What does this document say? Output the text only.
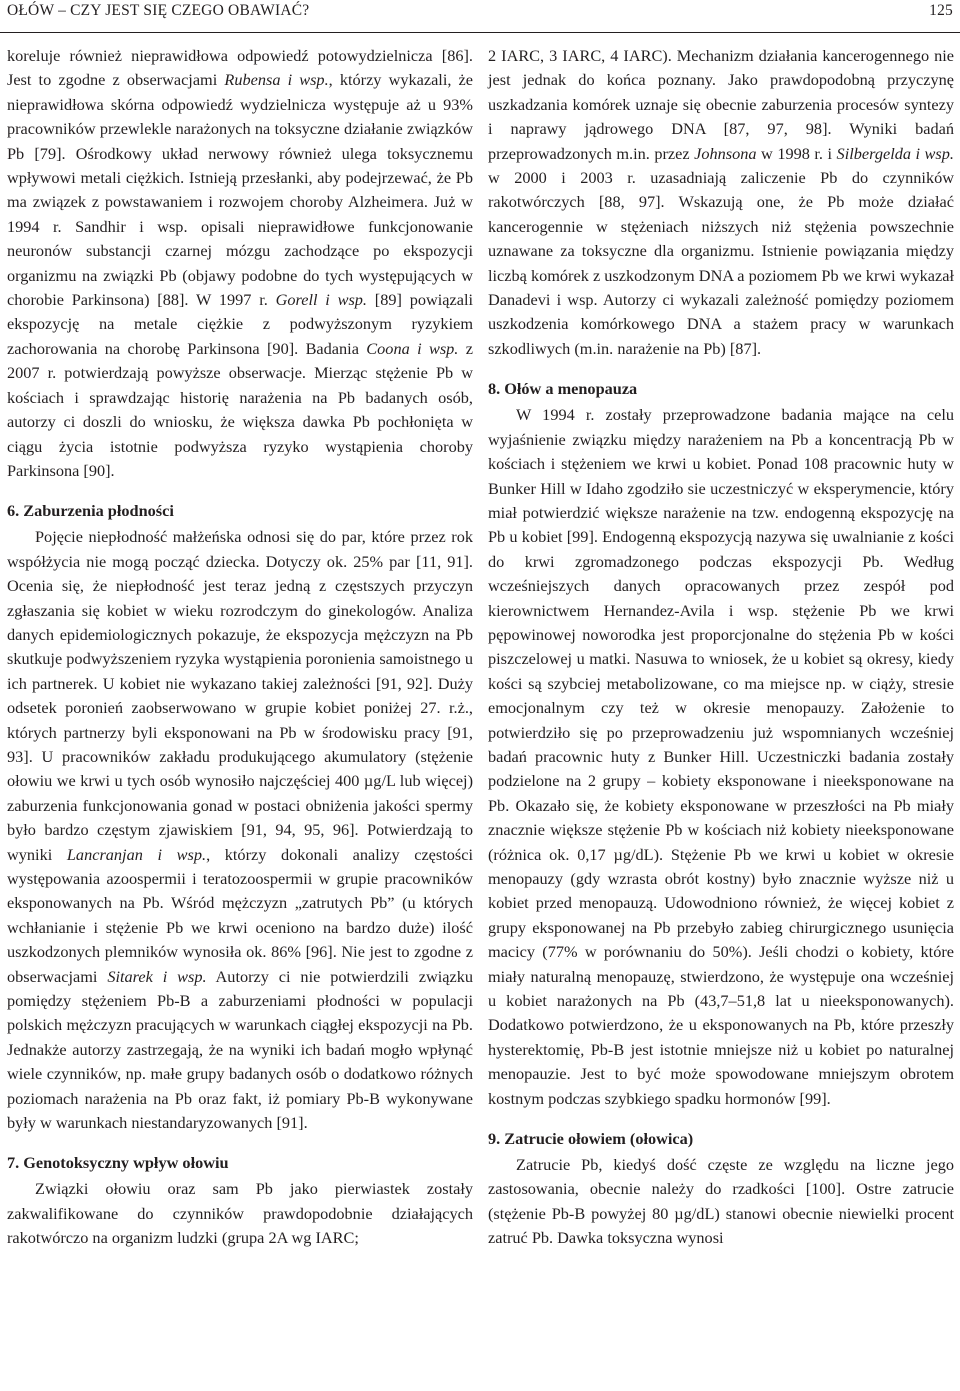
OŁÓW – CZY JEST SIĘ CZEGO OBAWIAĆ?	125

koreluje również nieprawidłowa odpowiedź potowydzielnicza [86]. Jest to zgodne z obserwacjami Rubensa i wsp., którzy wykazali, że nieprawidłowa skórna odpowiedź wydzielnicza występuje aż u 93% pracowników przewlekle narażonych na toksyczne działanie związków Pb [79]. Ośrodkowy układ nerwowy również ulega toksycznemu wpływowi metali ciężkich. Istnieją przesłanki, aby podejrzewać, że Pb ma związek z powstawaniem i rozwojem choroby Alzheimera. Już w 1994 r. Sandhir i wsp. opisali nieprawidłowe funkcjonowanie neuronów substancji czarnej mózgu zachodzące po ekspozycji organizmu na związki Pb (objawy podobne do tych występujących w chorobie Parkinsona) [88]. W 1997 r. Gorell i wsp. [89] powiązali ekspozycję na metale ciężkie z podwyższonym ryzykiem zachorowania na chorobę Parkinsona [90]. Badania Coona i wsp. z 2007 r. potwierdzają powyższe obserwacje. Mierząc stężenie Pb w kościach i sprawdzając historię narażenia na Pb badanych osób, autorzy ci doszli do wniosku, że większa dawka Pb pochłonięta w ciągu życia istotnie podwyższa ryzyko wystąpienia choroby Parkinsona [90].

6. Zaburzenia płodności

Pojęcie niepłodność małżeńska odnosi się do par, które przez rok współżycia nie mogą począć dziecka. Dotyczy ok. 25% par [11, 91]. Ocenia się, że niepłodność jest teraz jedną z częstszych przyczyn zgłaszania się kobiet w wieku rozrodczym do ginekologów. Analiza danych epidemiologicznych pokazuje, że ekspozycja mężczyzn na Pb skutkuje podwyższeniem ryzyka wystąpienia poronienia samoistnego u ich partnerek. U kobiet nie wykazano takiej zależności [91, 92]. Duży odsetek poronień zaobserwowano w grupie kobiet poniżej 27. r.ż., których partnerzy byli eksponowani na Pb w środowisku pracy [91, 93]. U pracowników zakładu produkującego akumulatory (stężenie ołowiu we krwi u tych osób wynosiło najczęściej 400 µg/L lub więcej) zaburzenia funkcjonowania gonad w postaci obniżenia jakości spermy było bardzo częstym zjawiskiem [91, 94, 95, 96]. Potwierdzają to wyniki Lancranjan i wsp., którzy dokonali analizy częstości występowania azoospermii i teratozoospermii w grupie pracowników eksponowanych na Pb. Wśród mężczyzn „zatrutych Pb” (u których wchłanianie i stężenie Pb we krwi oceniono na bardzo duże) ilość uszkodzonych plemników wynosiła ok. 86% [96]. Nie jest to zgodne z obserwacjami Sitarek i wsp. Autorzy ci nie potwierdzili związku pomiędzy stężeniem Pb-B a zaburzeniami płodności w populacji polskich mężczyzn pracujących w warunkach ciągłej ekspozycji na Pb. Jednakże autorzy zastrzegają, że na wyniki ich badań mogło wpłynąć wiele czynników, np. małe grupy badanych osób o dodatkowo różnych poziomach narażenia na Pb oraz fakt, iż pomiary Pb-B wykonywane były w warunkach niestandaryzowanych [91].

7. Genotoksyczny wpływ ołowiu

Związki ołowiu oraz sam Pb jako pierwiastek zostały zakwalifikowane do czynników prawdopodobnie działających rakotwórczo na organizm ludzki (grupa 2A wg IARC;

2 IARC, 3 IARC, 4 IARC). Mechanizm działania kancerogennego nie jest jednak do końca poznany. Jako prawdopodobną przyczynę uszkadzania komórek uznaje się obecnie zaburzenia procesów syntezy i naprawy jądrowego DNA [87, 97, 98]. Wyniki badań przeprowadzonych m.in. przez Johnsona w 1998 r. i Silbergelda i wsp. w 2000 i 2003 r. uzasadniają zaliczenie Pb do czynników rakotwórczych [88, 97]. Wskazują one, że Pb może działać kancerogennie w stężeniach niższych niż stężenia powszechnie uznawane za toksyczne dla organizmu. Istnienie powiązania między liczbą komórek z uszkodzonym DNA a poziomem Pb we krwi wykazał Danadevi i wsp. Autorzy ci wykazali zależność pomiędzy poziomem uszkodzenia komórkowego DNA a stażem pracy w warunkach szkodliwych (m.in. narażenie na Pb) [87].

8. Ołów a menopauza

W 1994 r. zostały przeprowadzone badania mające na celu wyjaśnienie związku między narażeniem na Pb a koncentracją Pb w kościach i stężeniem we krwi u kobiet. Ponad 108 pracownic huty w Bunker Hill w Idaho zgodziło sie uczestniczyć w eksperymencie, który miał potwierdzić większe narażenie na tzw. endogenną ekspozycję na Pb u kobiet [99]. Endogenną ekspozycją nazywa się uwalnianie z kości do krwi zgromadzonego podczas ekspozycji Pb. Według wcześniejszych danych opracowanych przez zespół pod kierownictwem Hernandez-Avila i wsp. stężenie Pb we krwi pępowinowej noworodka jest proporcjonalne do stężenia Pb w kości piszczelowej u matki. Nasuwa to wniosek, że u kobiet są okresy, kiedy kości są szybciej metabolizowane, co ma miejsce np. w ciąży, stresie emocjonalnym czy też w okresie menopauzy. Założenie to potwierdziło się po przeprowadzeniu już wspomnianych wcześniej badań pracownic huty z Bunker Hill. Uczestniczki badania zostały podzielone na 2 grupy – kobiety eksponowane i nieeksponowane na Pb. Okazało się, że kobiety eksponowane w przeszłości na Pb miały znacznie większe stężenie Pb w kościach niż kobiety nieeksponowane (różnica ok. 0,17 µg/dL). Stężenie Pb we krwi u kobiet w okresie menopauzy (gdy wzrasta obrót kostny) było znacznie wyższe niż u kobiet przed menopauzą. Udowodniono również, że więcej kobiet z grupy eksponowanej na Pb przebyło zabieg chirurgicznego usunięcia macicy (77% w porównaniu do 50%). Jeśli chodzi o kobiety, które miały naturalną menopauzę, stwierdzono, że występuje ona wcześniej u kobiet narażonych na Pb (43,7–51,8 lat u nieeksponowanych). Dodatkowo potwierdzono, że u eksponowanych na Pb, które przeszły hysterektomię, Pb-B jest istotnie mniejsze niż u kobiet po naturalnej menopauzie. Jest to być może spowodowane mniejszym obrotem kostnym podczas szybkiego spadku hormonów [99].

9. Zatrucie ołowiem (ołowica)

Zatrucie Pb, kiedyś dość częste ze względu na liczne jego zastosowania, obecnie należy do rzadkości [100]. Ostre zatrucie (stężenie Pb-B powyżej 80 µg/dL) stanowi obecnie niewielki procent zatruć Pb. Dawka toksyczna wynosi
